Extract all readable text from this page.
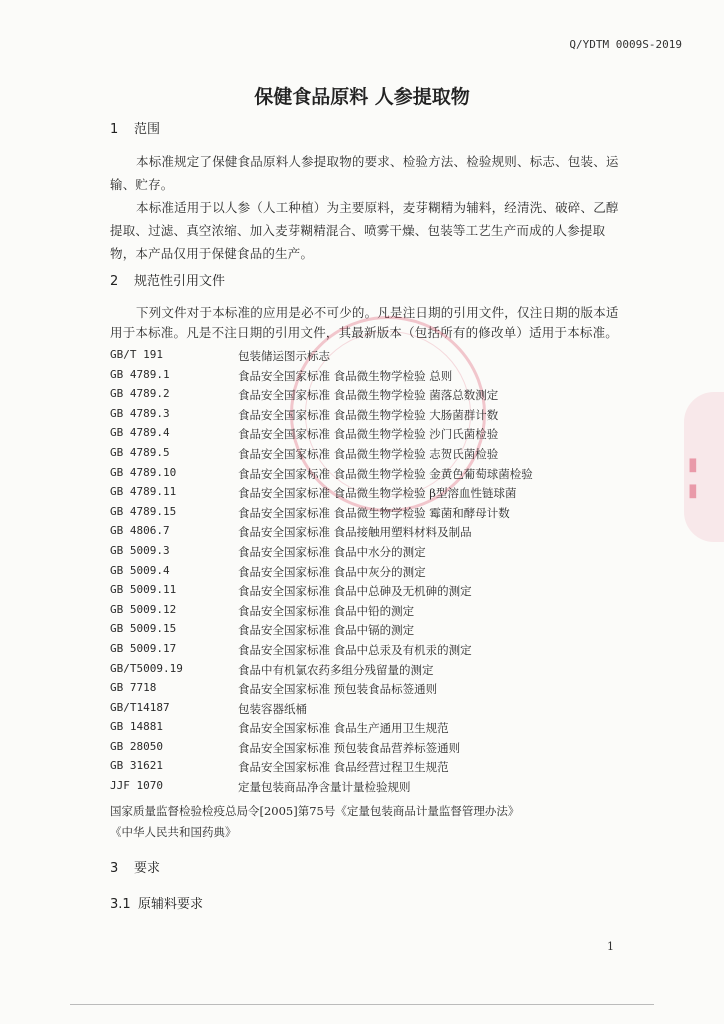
Q/YDTM 0009S-2019
保健食品原料 人参提取物
1 范围
本标准规定了保健食品原料人参提取物的要求、检验方法、检验规则、标志、包装、运输、贮存。
本标准适用于以人参（人工种植）为主要原料，麦芽糊精为辅料，经清洗、破碎、乙醇提取、过滤、真空浓缩、加入麦芽糊精混合、喷雾干燥、包装等工艺生产而成的人参提取物，本产品仅用于保健食品的生产。
2 规范性引用文件
下列文件对于本标准的应用是必不可少的。凡是注日期的引用文件，仅注日期的版本适用于本标准。凡是不注日期的引用文件，其最新版本（包括所有的修改单）适用于本标准。
GB/T 191	包装储运图示标志
GB 4789.1	食品安全国家标准 食品微生物学检验 总则
GB 4789.2	食品安全国家标准 食品微生物学检验 菌落总数测定
GB 4789.3	食品安全国家标准 食品微生物学检验 大肠菌群计数
GB 4789.4	食品安全国家标准 食品微生物学检验 沙门氏菌检验
GB 4789.5	食品安全国家标准 食品微生物学检验 志贺氏菌检验
GB 4789.10	食品安全国家标准 食品微生物学检验 金黄色葡萄球菌检验
GB 4789.11	食品安全国家标准 食品微生物学检验 β型溶血性链球菌
GB 4789.15	食品安全国家标准 食品微生物学检验 霉菌和酵母计数
GB 4806.7	食品安全国家标准 食品接触用塑料材料及制品
GB 5009.3	食品安全国家标准 食品中水分的测定
GB 5009.4	食品安全国家标准 食品中灰分的测定
GB 5009.11	食品安全国家标准 食品中总砷及无机砷的测定
GB 5009.12	食品安全国家标准 食品中铅的测定
GB 5009.15	食品安全国家标准 食品中镉的测定
GB 5009.17	食品安全国家标准 食品中总汞及有机汞的测定
GB/T5009.19	食品中有机氯农药多组分残留量的测定
GB 7718	食品安全国家标准 预包装食品标签通则
GB/T14187	包装容器纸桶
GB 14881	食品安全国家标准 食品生产通用卫生规范
GB 28050	食品安全国家标准 预包装食品营养标签通则
GB 31621	食品安全国家标准 食品经营过程卫生规范
JJF 1070	定量包装商品净含量计量检验规则
国家质量监督检验检疫总局令[2005]第75号《定量包装商品计量监督管理办法》
《中华人民共和国药典》
3 要求
3.1 原辅料要求
1
▮
▮
